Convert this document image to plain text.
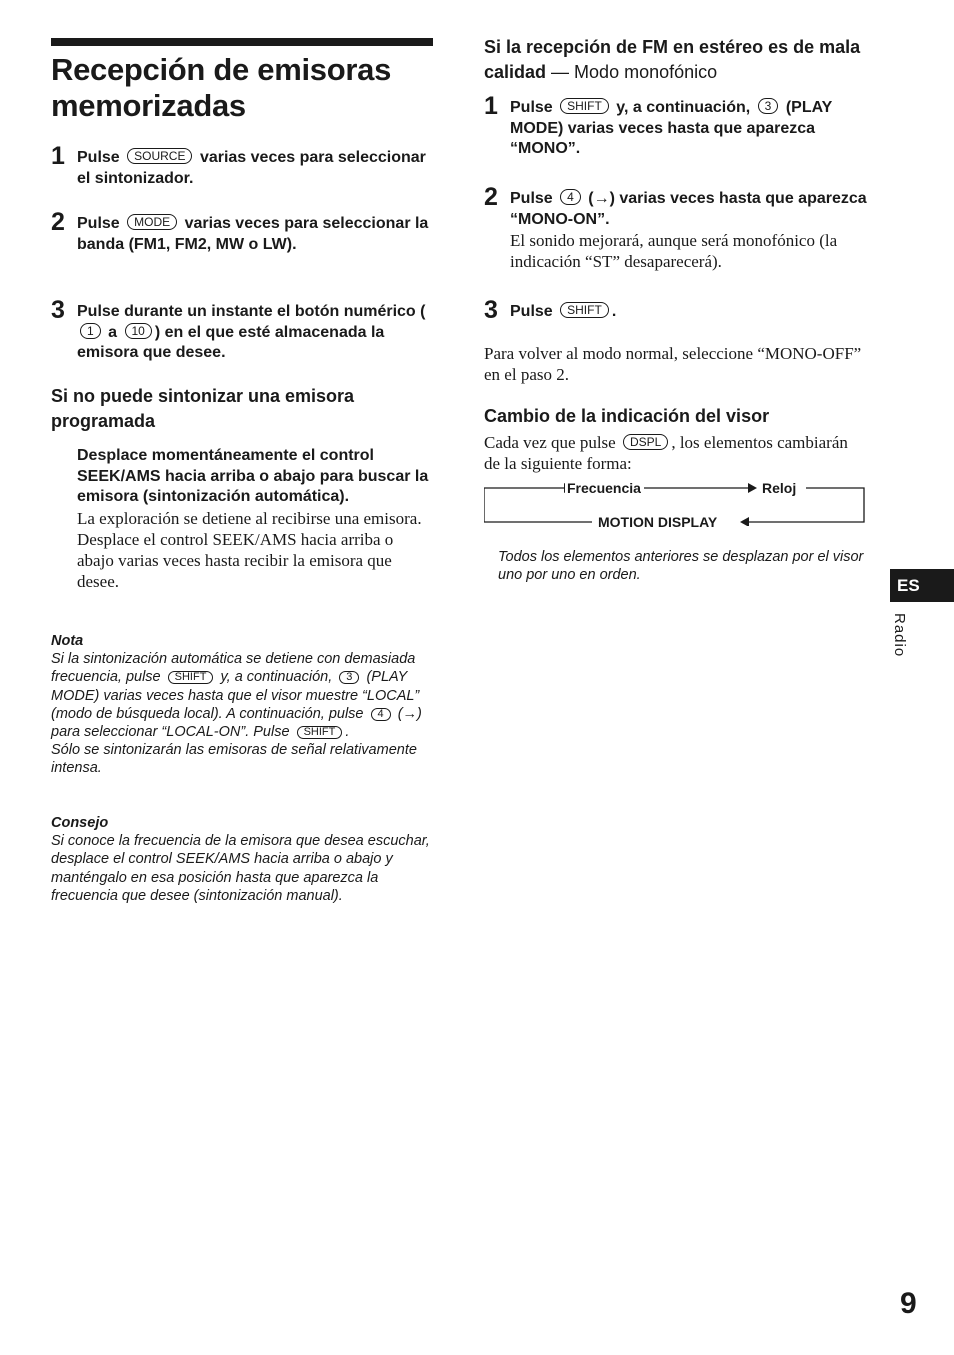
Recepción de emisoras memorizadas
1 Pulse SOURCE varias veces para seleccionar el sintonizador.
2 Pulse MODE varias veces para seleccionar la banda (FM1, FM2, MW o LW).
3 Pulse durante un instante el botón numérico (1 a 10 ) en el que esté almacenada la emisora que desee.
Si no puede sintonizar una emisora programada
Desplace momentáneamente el control SEEK/AMS hacia arriba o abajo para buscar la emisora (sintonización automática).
La exploración se detiene al recibirse una emisora. Desplace el control SEEK/AMS hacia arriba o abajo varias veces hasta recibir la emisora que desee.
Nota
Si la sintonización automática se detiene con demasiada frecuencia, pulse SHIFT y, a continuación, 3 (PLAY MODE) varias veces hasta que el visor muestre “LOCAL” (modo de búsqueda local). A continuación, pulse 4 (→) para seleccionar “LOCAL-ON”. Pulse SHIFT .
Sólo se sintonizarán las emisoras de señal relativamente intensa.
Consejo
Si conoce la frecuencia de la emisora que desea escuchar, desplace el control SEEK/AMS hacia arriba o abajo y manténgalo en esa posición hasta que aparezca la frecuencia que desee (sintonización manual).
Si la recepción de FM en estéreo es de mala calidad — Modo monofónico
1 Pulse SHIFT y, a continuación, 3 (PLAY MODE) varias veces hasta que aparezca “MONO”.
2 Pulse 4 (→) varias veces hasta que aparezca “MONO-ON”.
El sonido mejorará, aunque será monofónico (la indicación “ST” desaparecerá).
3 Pulse SHIFT .
Para volver al modo normal, seleccione “MONO-OFF” en el paso 2.
Cambio de la indicación del visor
Cada vez que pulse DSPL , los elementos cambiarán de la siguiente forma:
Todos los elementos anteriores se desplazan por el visor uno por uno en orden.
Frecuencia	Reloj
MOTION DISPLAY
ES
Radio
9
